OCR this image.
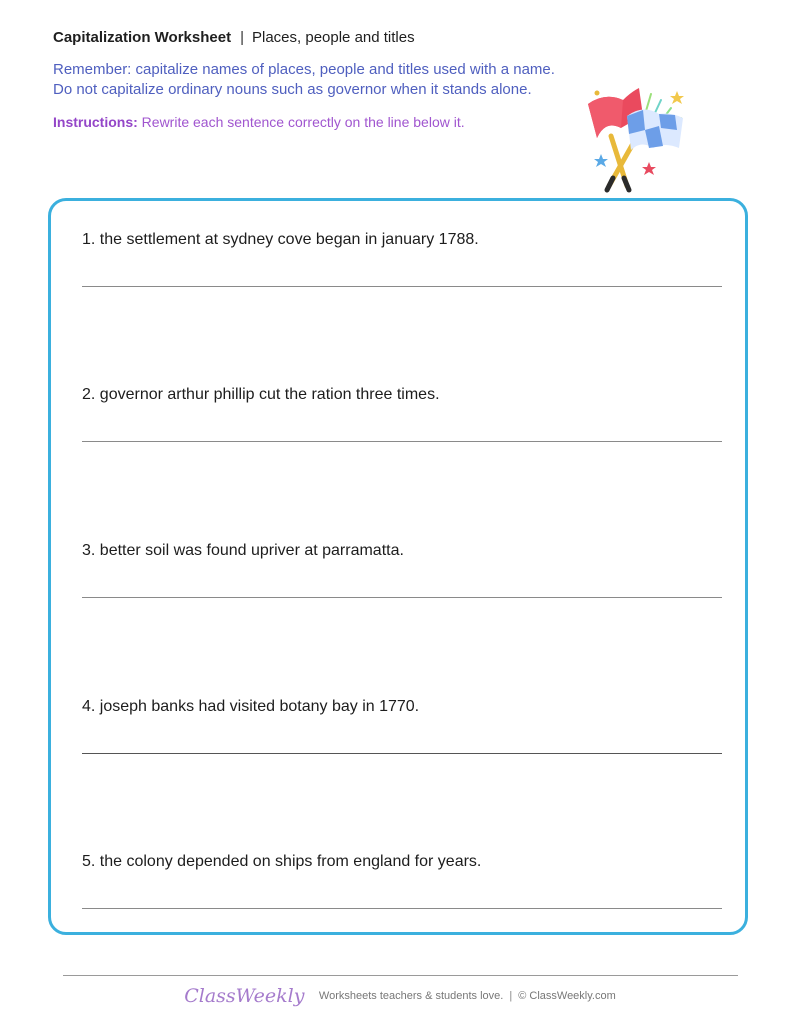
Capitalization Worksheet | Places, people and titles
Remember: capitalize names of places, people and titles used with a name. Do not capitalize ordinary nouns such as governor when it stands alone.
Instructions: Rewrite each sentence correctly on the line below it.
1. the settlement at sydney cove began in january 1788.
2. governor arthur phillip cut the ration three times.
3. better soil was found upriver at parramatta.
4. joseph banks had visited botany bay in 1770.
5. the colony depended on ships from england for years.
ClassWeekly Worksheets teachers & students love. | © ClassWeekly.com
